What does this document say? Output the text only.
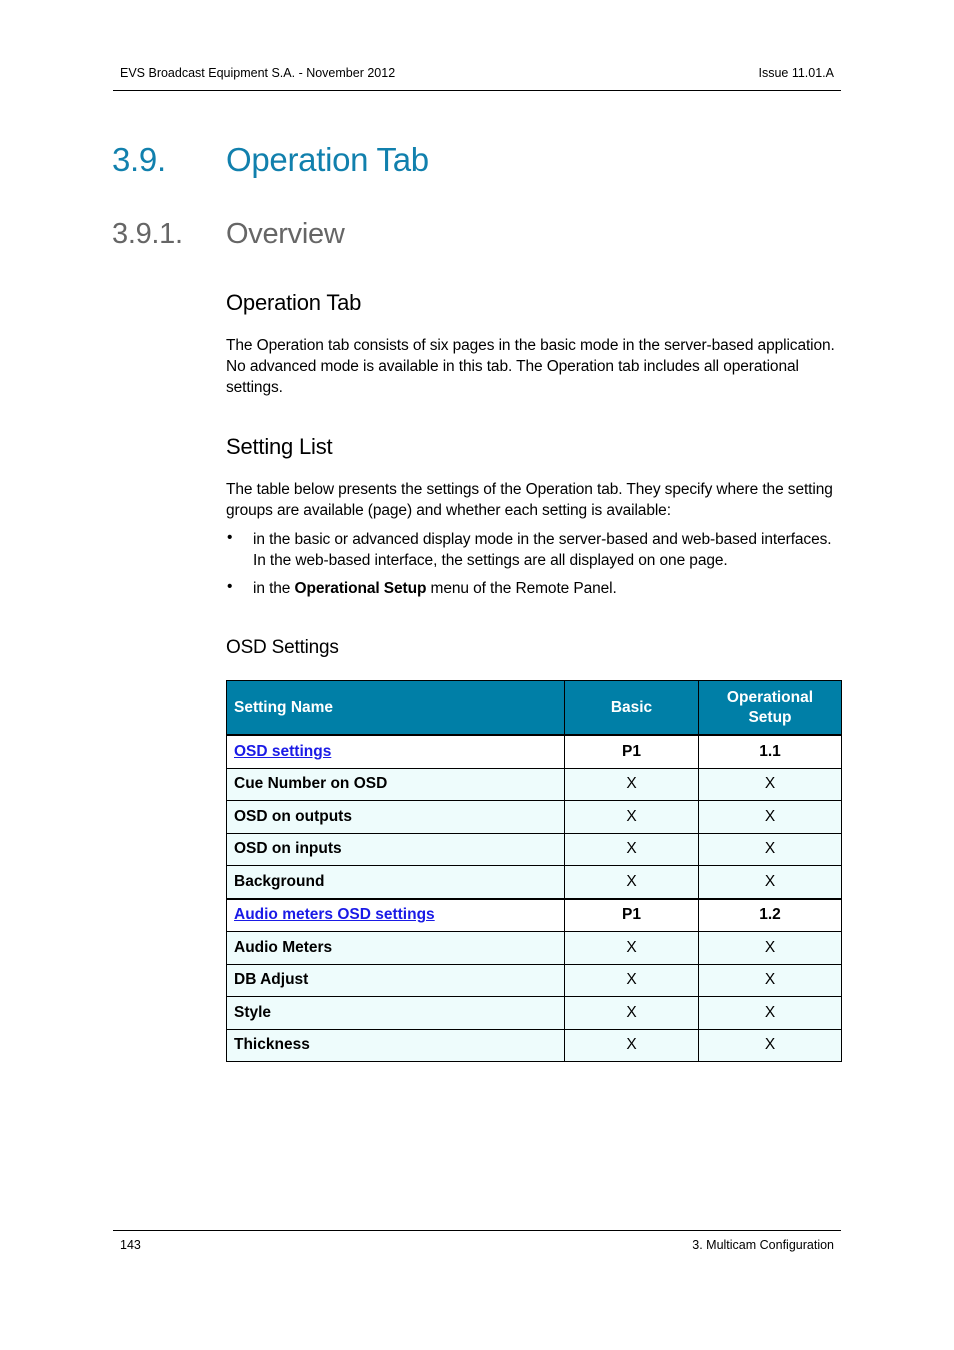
EVS Broadcast Equipment S.A. - November 2012	Issue 11.01.A
3.9. Operation Tab
3.9.1. Overview
Operation Tab
The Operation tab consists of six pages in the basic mode in the server-based application.
No advanced mode is available in this tab. The Operation tab includes all operational
settings.
Setting List
The table below presents the settings of the Operation tab. They specify where the setting
groups are available (page) and whether each setting is available:
• in the basic or advanced display mode in the server-based and web-based interfaces.
In the web-based interface, the settings are all displayed on one page.
• in the Operational Setup menu of the Remote Panel.
OSD Settings
Setting Name	Basic	Operational Setup
OSD settings	P1	1.1
Cue Number on OSD	X	X
OSD on outputs	X	X
OSD on inputs	X	X
Background	X	X
Audio meters OSD settings	P1	1.2
Audio Meters	X	X
DB Adjust	X	X
Style	X	X
Thickness	X	X
143	3. Multicam Configuration
